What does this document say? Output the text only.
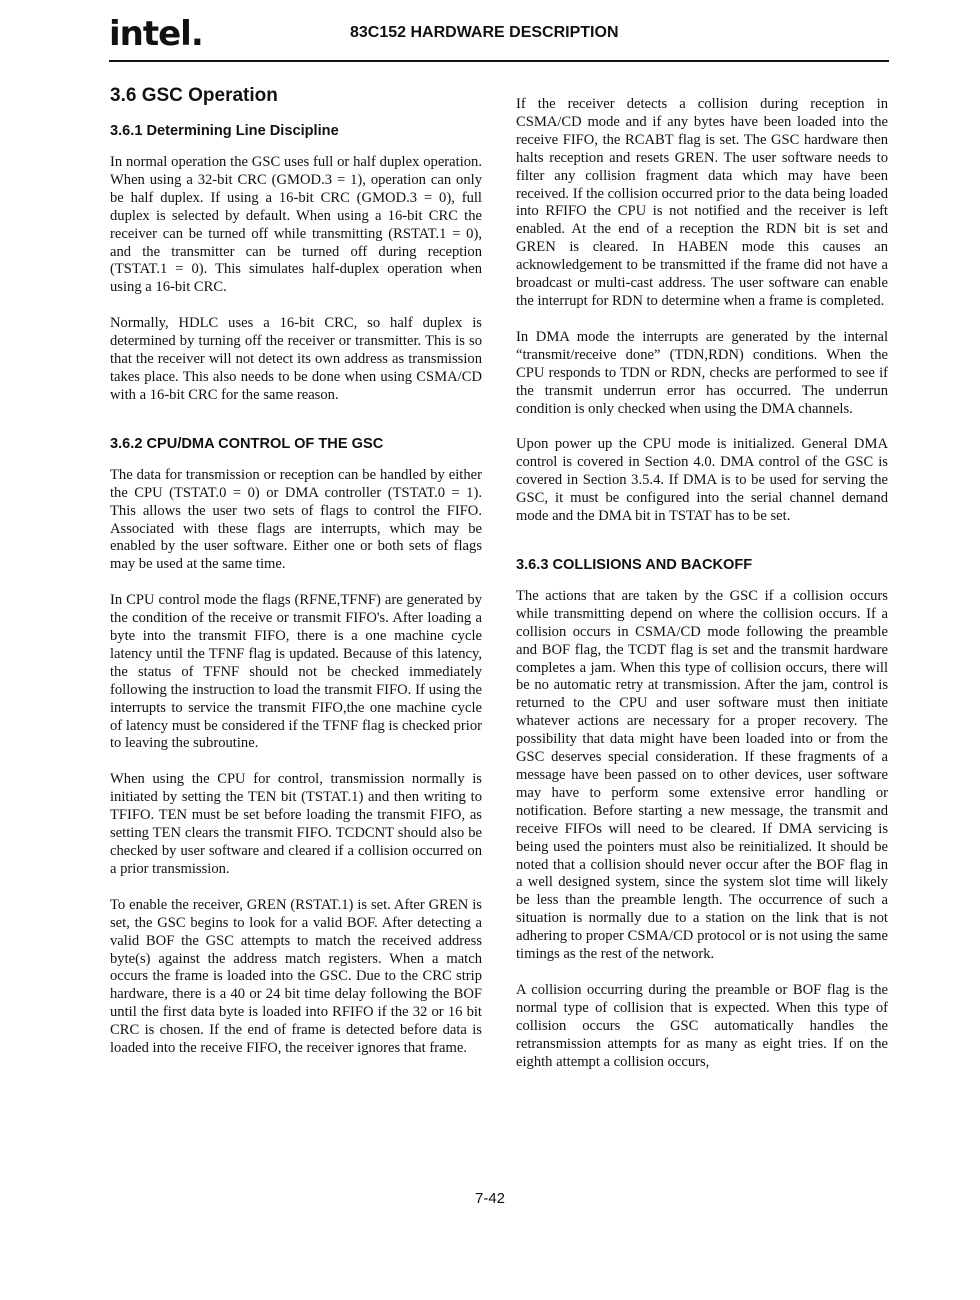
intel.	83C152 HARDWARE DESCRIPTION
3.6 GSC Operation
3.6.1 Determining Line Discipline

In normal operation the GSC uses full or half duplex operation. When using a 32-bit CRC (GMOD.3 = 1), operation can only be half duplex. If using a 16-bit CRC (GMOD.3 = 0), full duplex is selected by default. When using a 16-bit CRC the receiver can be turned off while transmitting (RSTAT.1 = 0), and the transmitter can be turned off during reception (TSTAT.1 = 0). This simulates half-duplex operation when using a 16-bit CRC.

Normally, HDLC uses a 16-bit CRC, so half duplex is determined by turning off the receiver or transmitter. This is so that the receiver will not detect its own address as transmission takes place. This also needs to be done when using CSMA/CD with a 16-bit CRC for the same reason.

3.6.2 CPU/DMA CONTROL OF THE GSC

The data for transmission or reception can be handled by either the CPU (TSTAT.0 = 0) or DMA controller (TSTAT.0 = 1). This allows the user two sets of flags to control the FIFO. Associated with these flags are interrupts, which may be enabled by the user software. Either one or both sets of flags may be used at the same time.

In CPU control mode the flags (RFNE,TFNF) are generated by the condition of the receive or transmit FIFO's. After loading a byte into the transmit FIFO, there is a one machine cycle latency until the TFNF flag is updated. Because of this latency, the status of TFNF should not be checked immediately following the instruction to load the transmit FIFO. If using the interrupts to service the transmit FIFO,the one machine cycle of latency must be considered if the TFNF flag is checked prior to leaving the subroutine.

When using the CPU for control, transmission normally is initiated by setting the TEN bit (TSTAT.1) and then writing to TFIFO. TEN must be set before loading the transmit FIFO, as setting TEN clears the transmit FIFO. TCDCNT should also be checked by user software and cleared if a collision occurred on a prior transmission.

To enable the receiver, GREN (RSTAT.1) is set. After GREN is set, the GSC begins to look for a valid BOF. After detecting a valid BOF the GSC attempts to match the received address byte(s) against the address match registers. When a match occurs the frame is loaded into the GSC. Due to the CRC strip hardware, there is a 40 or 24 bit time delay following the BOF until the first data byte is loaded into RFIFO if the 32 or 16 bit CRC is chosen. If the end of frame is detected before data is loaded into the receive FIFO, the receiver ignores that frame.

If the receiver detects a collision during reception in CSMA/CD mode and if any bytes have been loaded into the receive FIFO, the RCABT flag is set. The GSC hardware then halts reception and resets GREN. The user software needs to filter any collision fragment data which may have been received. If the collision occurred prior to the data being loaded into RFIFO the CPU is not notified and the receiver is left enabled. At the end of a reception the RDN bit is set and GREN is cleared. In HABEN mode this causes an acknowledgement to be transmitted if the frame did not have a broadcast or multi-cast address. The user software can enable the interrupt for RDN to determine when a frame is completed.

In DMA mode the interrupts are generated by the internal “transmit/receive done” (TDN,RDN) conditions. When the CPU responds to TDN or RDN, checks are performed to see if the transmit underrun error has occurred. The underrun condition is only checked when using the DMA channels.

Upon power up the CPU mode is initialized. General DMA control is covered in Section 4.0. DMA control of the GSC is covered in Section 3.5.4. If DMA is to be used for serving the GSC, it must be configured into the serial channel demand mode and the DMA bit in TSTAT has to be set.

3.6.3 COLLISIONS AND BACKOFF

The actions that are taken by the GSC if a collision occurs while transmitting depend on where the collision occurs. If a collision occurs in CSMA/CD mode following the preamble and BOF flag, the TCDT flag is set and the transmit hardware completes a jam. When this type of collision occurs, there will be no automatic retry at transmission. After the jam, control is returned to the CPU and user software must then initiate whatever actions are necessary for a proper recovery. The possibility that data might have been loaded into or from the GSC deserves special consideration. If these fragments of a message have been passed on to other devices, user software may have to perform some extensive error handling or notification. Before starting a new message, the transmit and receive FIFOs will need to be cleared. If DMA servicing is being used the pointers must also be reinitialized. It should be noted that a collision should never occur after the BOF flag in a well designed system, since the system slot time will likely be less than the preamble length. The occurrence of such a situation is normally due to a station on the link that is not adhering to proper CSMA/CD protocol or is not using the same timings as the rest of the network.

A collision occurring during the preamble or BOF flag is the normal type of collision that is expected. When this type of collision occurs the GSC automatically handles the retransmission attempts for as many as eight tries. If on the eighth attempt a collision occurs,

7-42
